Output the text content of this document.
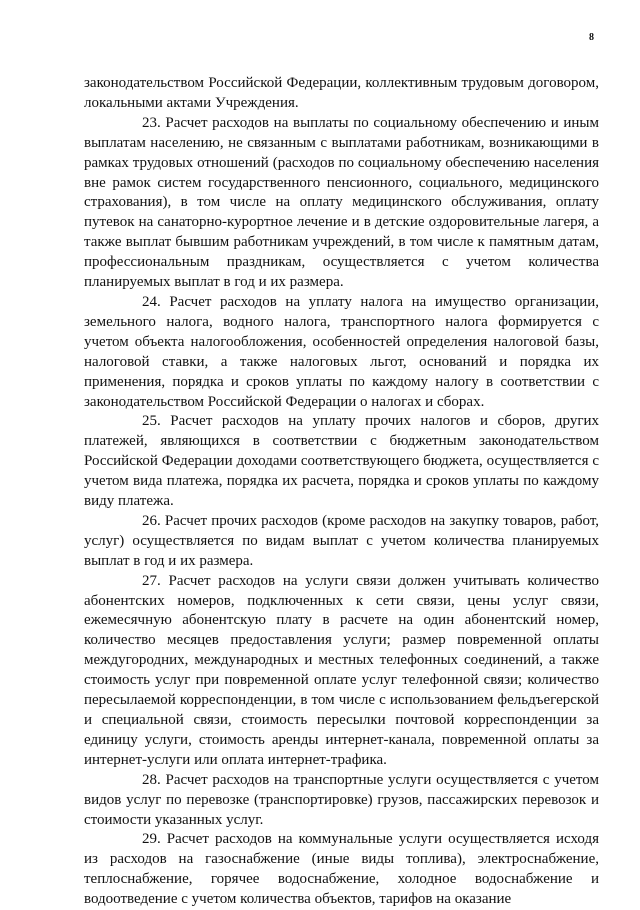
8

законодательством Российской Федерации, коллективным трудовым договором, локальными актами Учреждения.

23. Расчет расходов на выплаты по социальному обеспечению и иным выплатам населению, не связанным с выплатами работникам, возникающими в рамках трудовых отношений (расходов по социальному обеспечению населения вне рамок систем государственного пенсионного, социального, медицинского страхования), в том числе на оплату медицинского обслуживания, оплату путевок на санаторно-курортное лечение и в детские оздоровительные лагеря, а также выплат бывшим работникам учреждений, в том числе к памятным датам, профессиональным праздникам, осуществляется с учетом количества планируемых выплат в год и их размера.

24. Расчет расходов на уплату налога на имущество организации, земельного налога, водного налога, транспортного налога формируется с учетом объекта налогообложения, особенностей определения налоговой базы, налоговой ставки, а также налоговых льгот, оснований и порядка их применения, порядка и сроков уплаты по каждому налогу в соответствии с законодательством Российской Федерации о налогах и сборах.

25. Расчет расходов на уплату прочих налогов и сборов, других платежей, являющихся в соответствии с бюджетным законодательством Российской Федерации доходами соответствующего бюджета, осуществляется с учетом вида платежа, порядка их расчета, порядка и сроков уплаты по каждому виду платежа.

26. Расчет прочих расходов (кроме расходов на закупку товаров, работ, услуг) осуществляется по видам выплат с учетом количества планируемых выплат в год и их размера.

27. Расчет расходов на услуги связи должен учитывать количество абонентских номеров, подключенных к сети связи, цены услуг связи, ежемесячную абонентскую плату в расчете на один абонентский номер, количество месяцев предоставления услуги; размер повременной оплаты междугородних, международных и местных телефонных соединений, а также стоимость услуг при повременной оплате услуг телефонной связи; количество пересылаемой корреспонденции, в том числе с использованием фельдъегерской и специальной связи, стоимость пересылки почтовой корреспонденции за единицу услуги, стоимость аренды интернет-канала, повременной оплаты за интернет-услуги или оплата интернет-трафика.

28. Расчет расходов на транспортные услуги осуществляется с учетом видов услуг по перевозке (транспортировке) грузов, пассажирских перевозок и стоимости указанных услуг.

29. Расчет расходов на коммунальные услуги осуществляется исходя из расходов на газоснабжение (иные виды топлива), электроснабжение, теплоснабжение, горячее водоснабжение, холодное водоснабжение и водоотведение с учетом количества объектов, тарифов на оказание
